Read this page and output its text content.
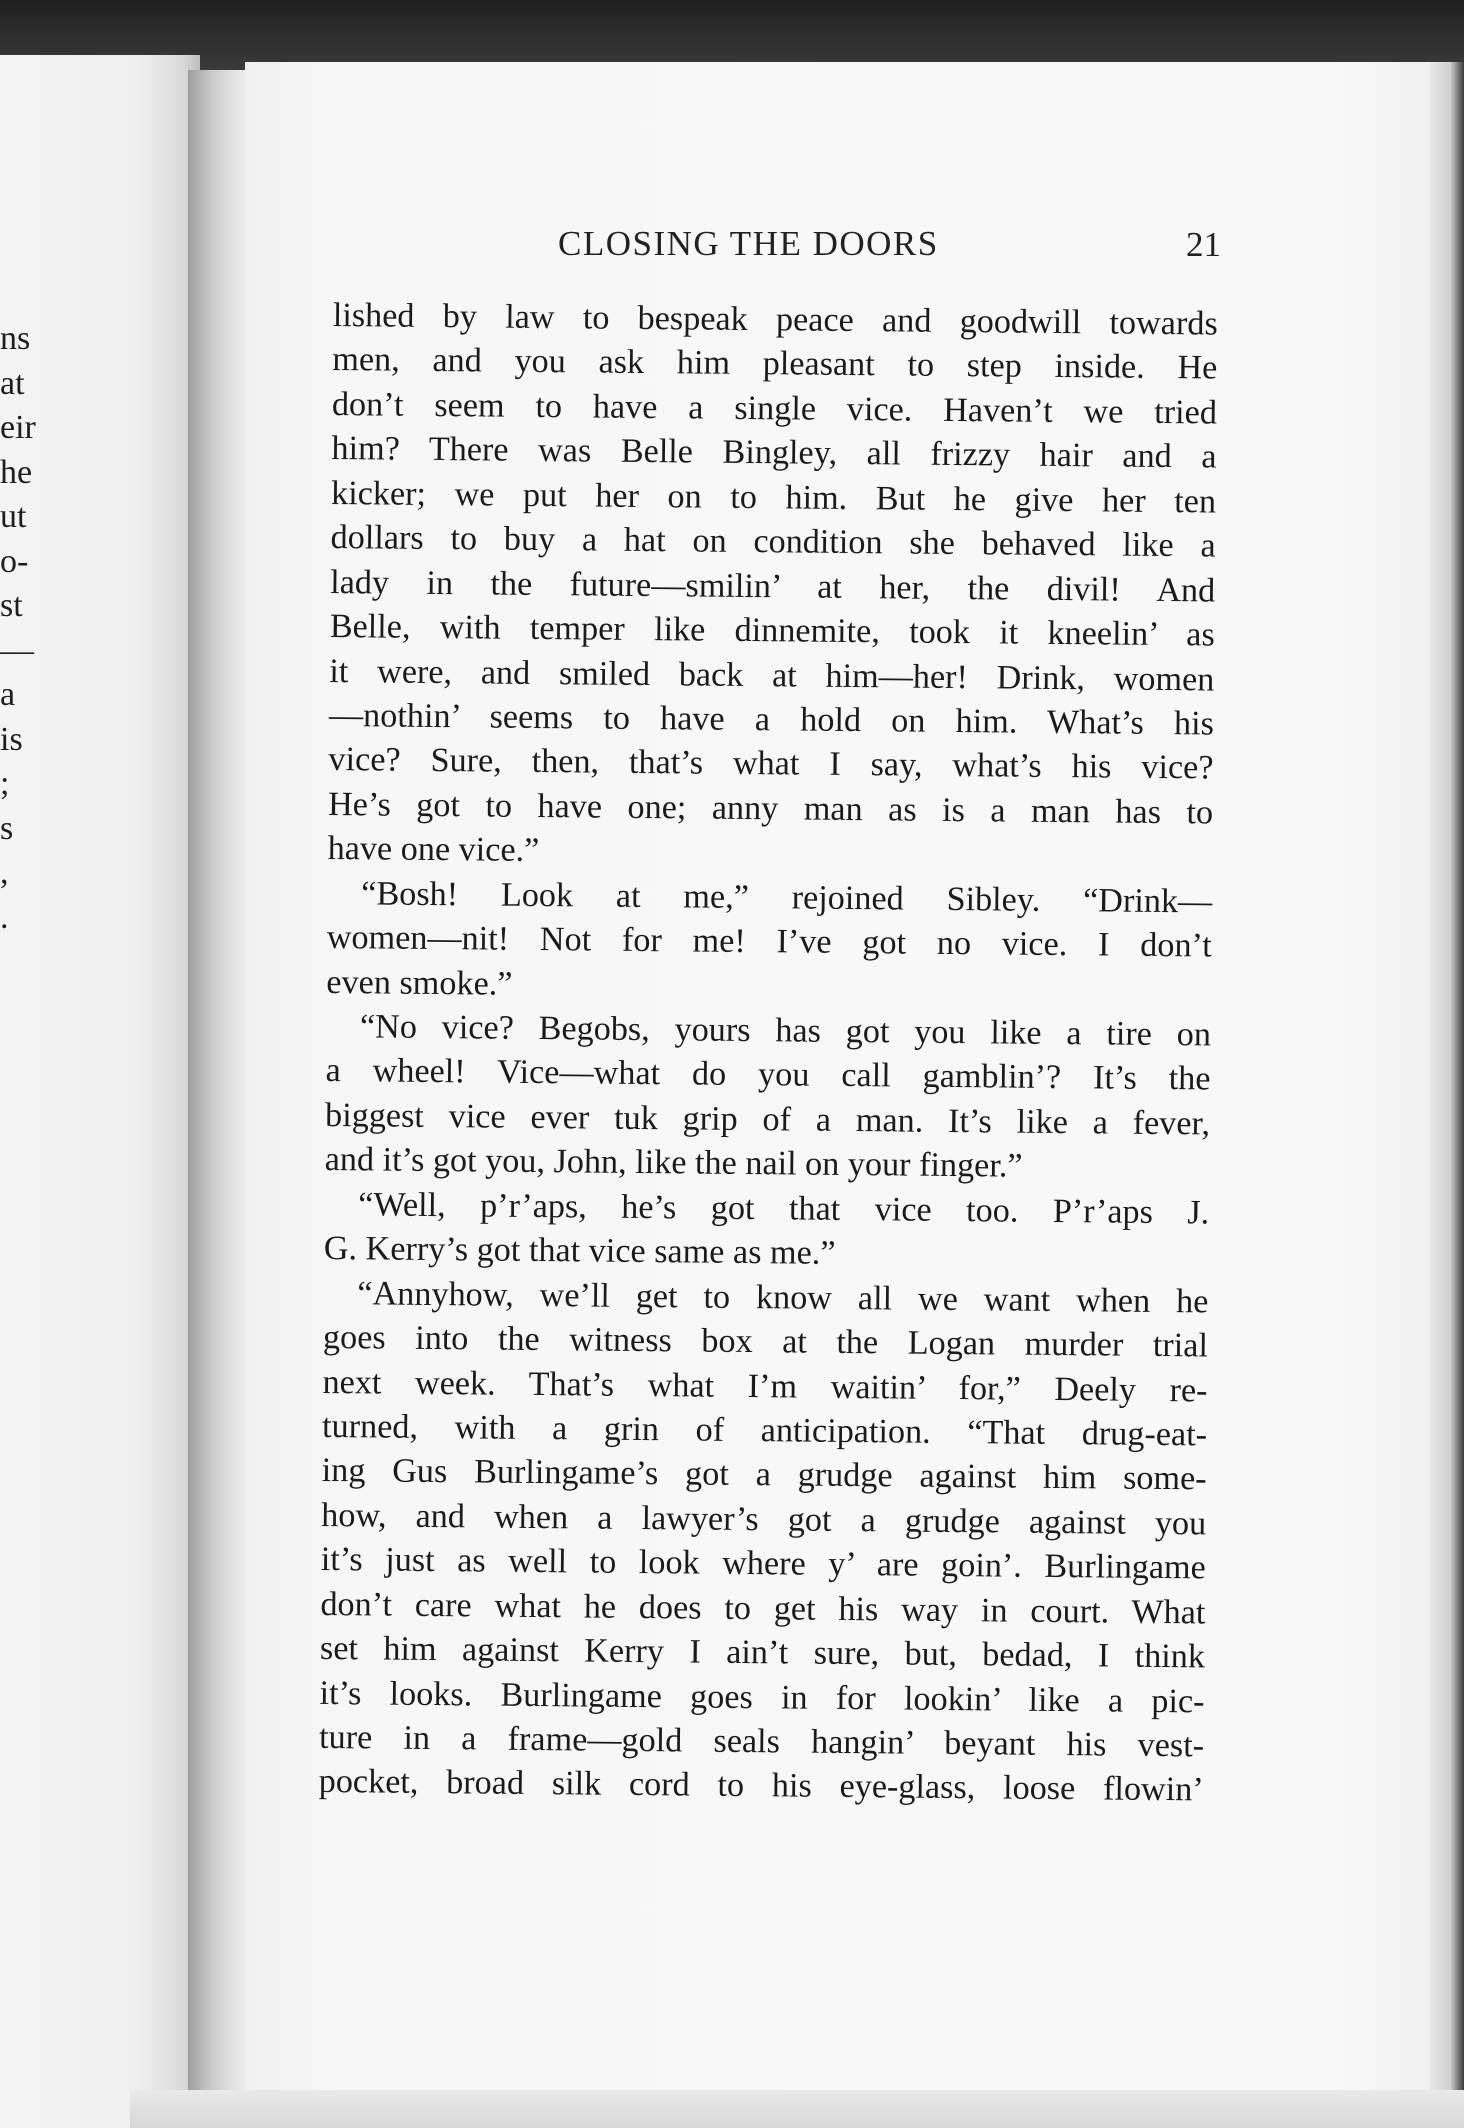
ns
at
eir
he
ut
o-
st
—
a
is
;
s
,
.
CLOSING THE DOORS	21
lished by law to bespeak peace and goodwill towards
men, and you ask him pleasant to step inside. He
don’t seem to have a single vice. Haven’t we tried
him? There was Belle Bingley, all frizzy hair and a
kicker; we put her on to him. But he give her ten
dollars to buy a hat on condition she behaved like a
lady in the future—smilin’ at her, the divil! And
Belle, with temper like dinnemite, took it kneelin’ as
it were, and smiled back at him—her! Drink, women
—nothin’ seems to have a hold on him. What’s his
vice? Sure, then, that’s what I say, what’s his vice?
He’s got to have one; anny man as is a man has to
have one vice.”
“Bosh! Look at me,” rejoined Sibley. “Drink—
women—nit! Not for me! I’ve got no vice. I don’t
even smoke.”
“No vice? Begobs, yours has got you like a tire on
a wheel! Vice—what do you call gamblin’? It’s the
biggest vice ever tuk grip of a man. It’s like a fever,
and it’s got you, John, like the nail on your finger.”
“Well, p’r’aps, he’s got that vice too. P’r’aps J.
G. Kerry’s got that vice same as me.”
“Annyhow, we’ll get to know all we want when he
goes into the witness box at the Logan murder trial
next week. That’s what I’m waitin’ for,” Deely re-
turned, with a grin of anticipation. “That drug-eat-
ing Gus Burlingame’s got a grudge against him some-
how, and when a lawyer’s got a grudge against you
it’s just as well to look where y’ are goin’. Burlingame
don’t care what he does to get his way in court. What
set him against Kerry I ain’t sure, but, bedad, I think
it’s looks. Burlingame goes in for lookin’ like a pic-
ture in a frame—gold seals hangin’ beyant his vest-
pocket, broad silk cord to his eye-glass, loose flowin’
